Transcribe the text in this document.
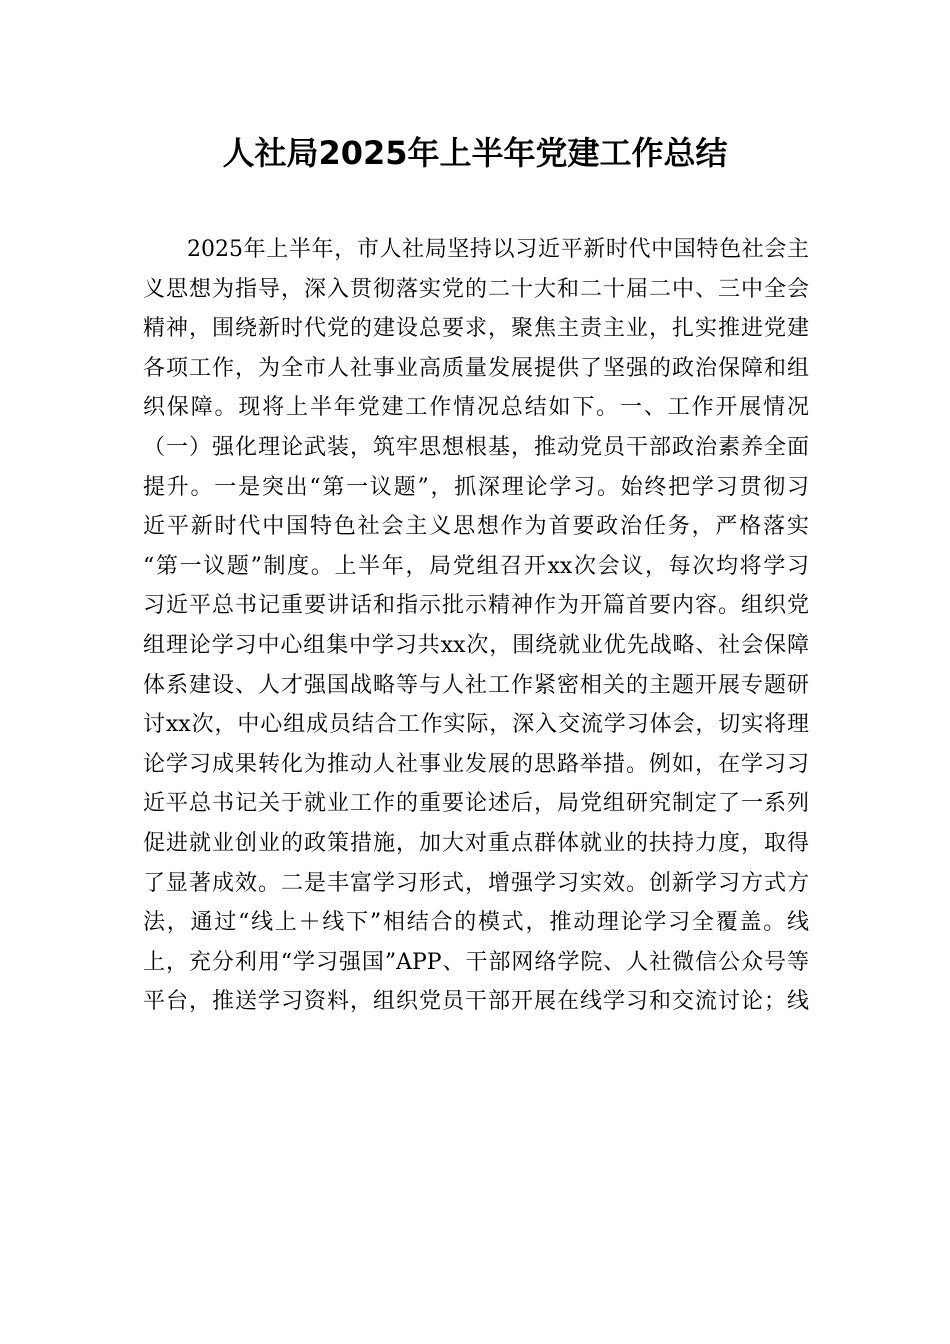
人社局2025年上半年党建工作总结
2025年上半年，市人社局坚持以习近平新时代中国特色社会主
义思想为指导，深入贯彻落实党的二十大和二十届二中、三中全会
精神，围绕新时代党的建设总要求，聚焦主责主业，扎实推进党建
各项工作，为全市人社事业高质量发展提供了坚强的政治保障和组
织保障。现将上半年党建工作情况总结如下。一、工作开展情况
（一）强化理论武装，筑牢思想根基，推动党员干部政治素养全面
提升。一是突出“第一议题”，抓深理论学习。始终把学习贯彻习
近平新时代中国特色社会主义思想作为首要政治任务，严格落实
“第一议题”制度。上半年，局党组召开xx次会议，每次均将学习
习近平总书记重要讲话和指示批示精神作为开篇首要内容。组织党
组理论学习中心组集中学习共xx次，围绕就业优先战略、社会保障
体系建设、人才强国战略等与人社工作紧密相关的主题开展专题研
讨xx次，中心组成员结合工作实际，深入交流学习体会，切实将理
论学习成果转化为推动人社事业发展的思路举措。例如，在学习习
近平总书记关于就业工作的重要论述后，局党组研究制定了一系列
促进就业创业的政策措施，加大对重点群体就业的扶持力度，取得
了显著成效。二是丰富学习形式，增强学习实效。创新学习方式方
法，通过“线上＋线下”相结合的模式，推动理论学习全覆盖。线
上，充分利用“学习强国”APP、干部网络学院、人社微信公众号等
平台，推送学习资料，组织党员干部开展在线学习和交流讨论；线
